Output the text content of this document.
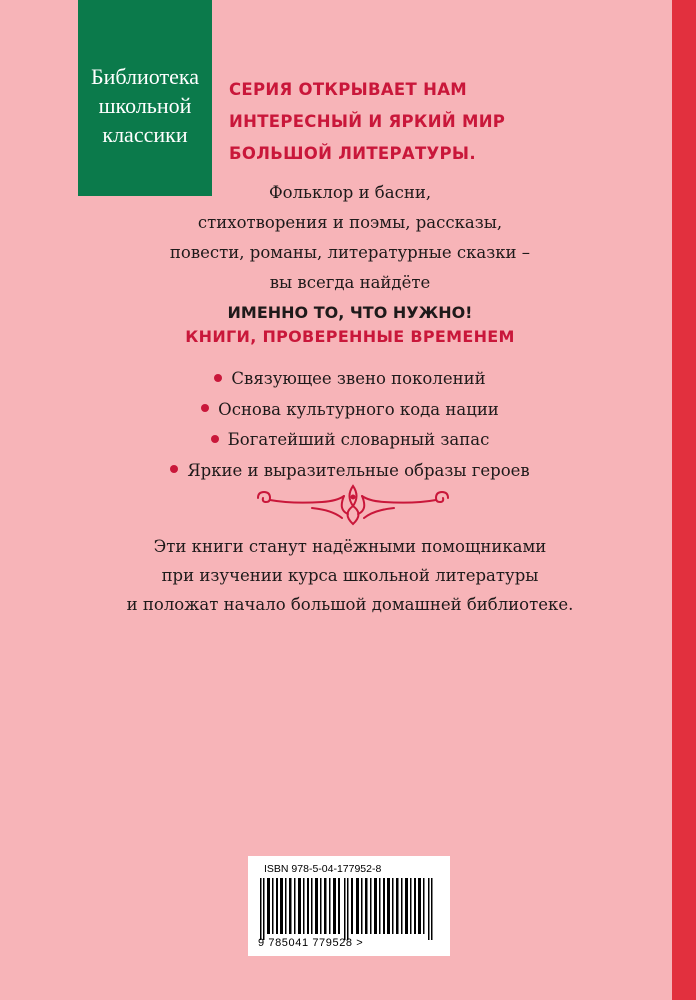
Библиотека
школьной
классики
СЕРИЯ ОТКРЫВАЕТ НАМ
ИНТЕРЕСНЫЙ И ЯРКИЙ МИР
БОЛЬШОЙ ЛИТЕРАТУРЫ.
Фольклор и басни,
стихотворения и поэмы, рассказы,
повести, романы, литературные сказки –
вы всегда найдёте
ИМЕННО ТО, ЧТО НУЖНО!
КНИГИ, ПРОВЕРЕННЫЕ ВРЕМЕНЕМ
Связующее звено поколений
Основа культурного кода нации
Богатейший словарный запас
Яркие и выразительные образы героев
Эти книги станут надёжными помощниками
при изучении курса школьной литературы
и положат начало большой домашней библиотеке.
ISBN 978-5-04-177952-8
9 785041 779528 >
